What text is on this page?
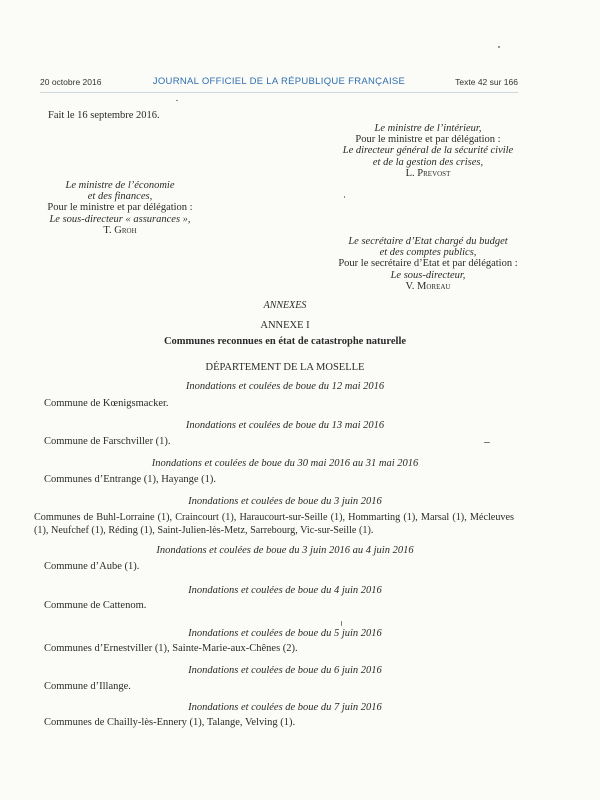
20 octobre 2016	JOURNAL OFFICIEL DE LA RÉPUBLIQUE FRANÇAISE	Texte 42 sur 166
Fait le 16 septembre 2016.
Le ministre de l’intérieur,
Pour le ministre et par délégation :
Le directeur général de la sécurité civile
et de la gestion des crises,
L. Prevost
Le ministre de l’économie
et des finances,
Pour le ministre et par délégation :
Le sous-directeur « assurances »,
T. Groh
Le secrétaire d’Etat chargé du budget
et des comptes publics,
Pour le secrétaire d’Etat et par délégation :
Le sous-directeur,
V. Moreau
ANNEXES
ANNEXE I
Communes reconnues en état de catastrophe naturelle
DÉPARTEMENT DE LA MOSELLE
Inondations et coulées de boue du 12 mai 2016
Commune de Kœnigsmacker.
Inondations et coulées de boue du 13 mai 2016
Commune de Farschviller (1).
Inondations et coulées de boue du 30 mai 2016 au 31 mai 2016
Communes d’Entrange (1), Hayange (1).
Inondations et coulées de boue du 3 juin 2016
Communes de Buhl-Lorraine (1), Craincourt (1), Haraucourt-sur-Seille (1), Hommarting (1), Marsal (1), Mécleuves (1), Neufchef (1), Réding (1), Saint-Julien-lès-Metz, Sarrebourg, Vic-sur-Seille (1).
Inondations et coulées de boue du 3 juin 2016 au 4 juin 2016
Commune d’Aube (1).
Inondations et coulées de boue du 4 juin 2016
Commune de Cattenom.
Inondations et coulées de boue du 5 juin 2016
Communes d’Ernestviller (1), Sainte-Marie-aux-Chênes (2).
Inondations et coulées de boue du 6 juin 2016
Commune d’Illange.
Inondations et coulées de boue du 7 juin 2016
Communes de Chailly-lès-Ennery (1), Talange, Velving (1).
